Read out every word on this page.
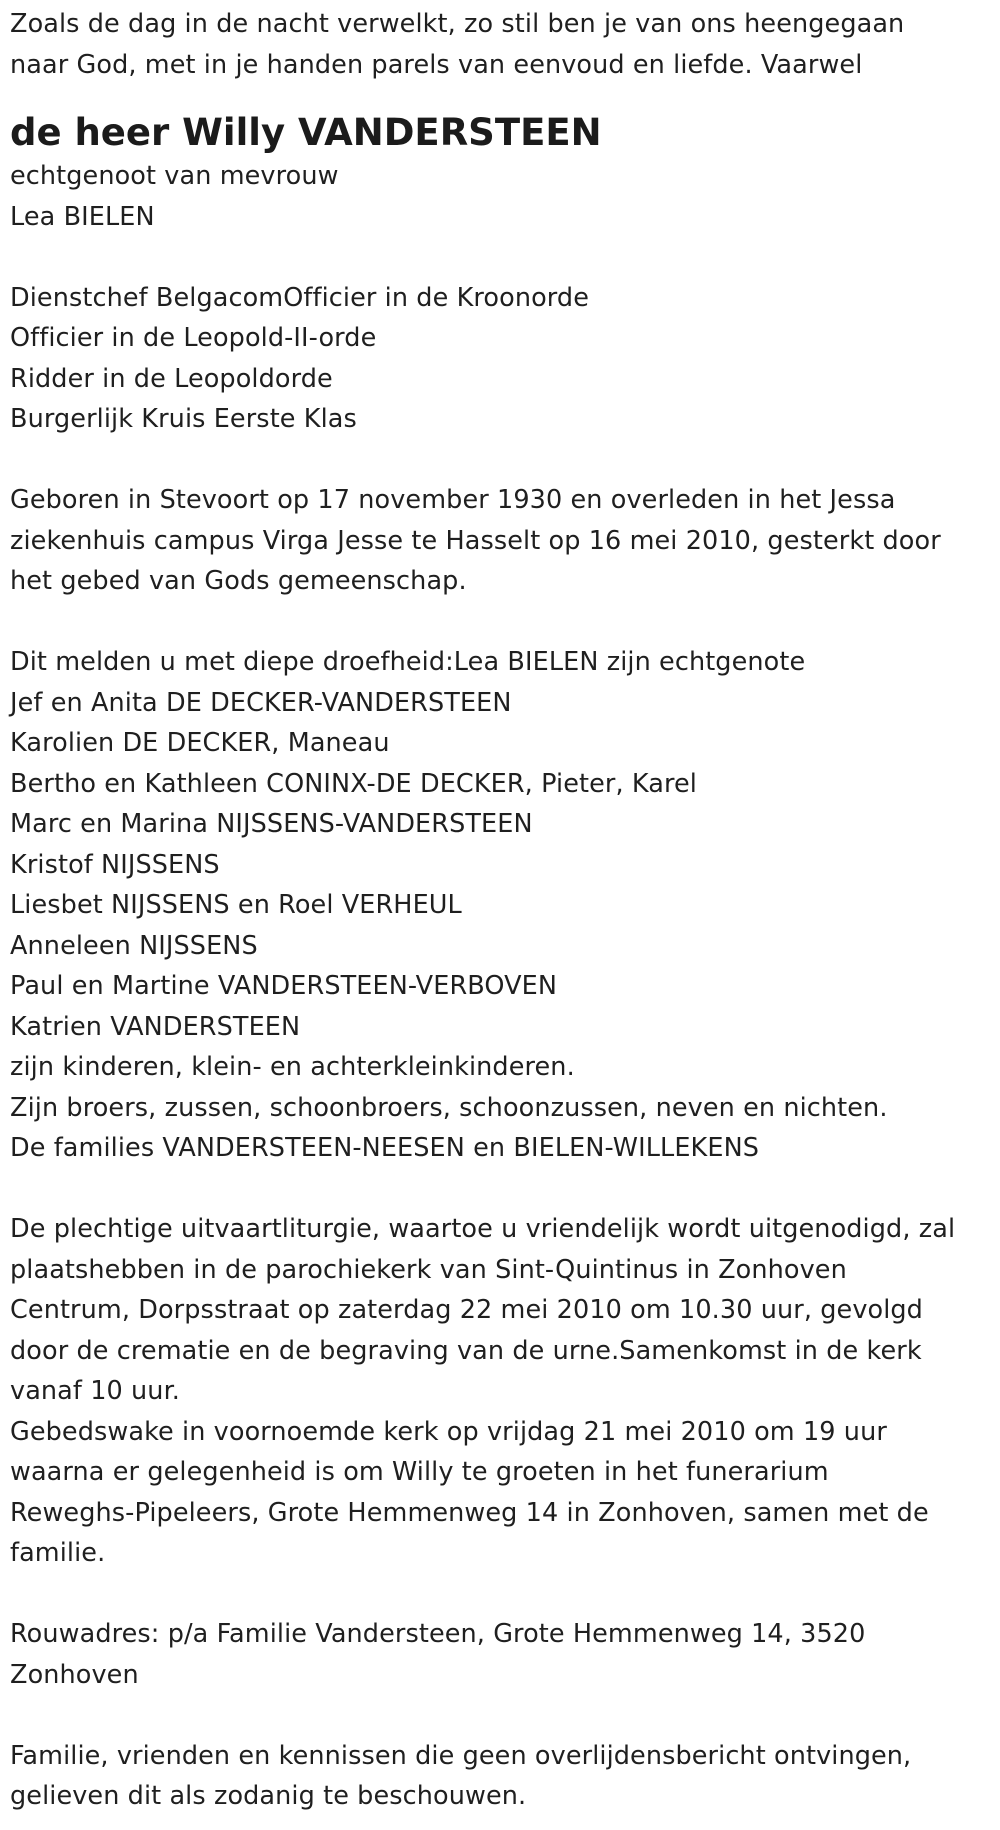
Zoals de dag in de nacht verwelkt, zo stil ben je van ons heengegaan

naar God, met in je handen parels van eenvoud en liefde. Vaarwel

de heer Willy VANDERSTEEN

echtgenoot van mevrouw

Lea BIELEN

Dienstchef BelgacomOfficier in de Kroonorde

Officier in de Leopold-II-orde

Ridder in de Leopoldorde

Burgerlijk Kruis Eerste Klas

Geboren in Stevoort op 17 november 1930 en overleden in het Jessa

ziekenhuis campus Virga Jesse te Hasselt op 16 mei 2010, gesterkt door

het gebed van Gods gemeenschap.

Dit melden u met diepe droefheid:Lea BIELEN zijn echtgenote

Jef en Anita DE DECKER-VANDERSTEEN

Karolien DE DECKER, Maneau

Bertho en Kathleen CONINX-DE DECKER, Pieter, Karel

Marc en Marina NIJSSENS-VANDERSTEEN

Kristof NIJSSENS

Liesbet NIJSSENS en Roel VERHEUL

Anneleen NIJSSENS

Paul en Martine VANDERSTEEN-VERBOVEN

Katrien VANDERSTEEN

zijn kinderen, klein- en achterkleinkinderen.

Zijn broers, zussen, schoonbroers, schoonzussen, neven en nichten.

De families VANDERSTEEN-NEESEN en BIELEN-WILLEKENS

De plechtige uitvaartliturgie, waartoe u vriendelijk wordt uitgenodigd, zal

plaatshebben in de parochiekerk van Sint-Quintinus in Zonhoven

Centrum, Dorpsstraat op zaterdag 22 mei 2010 om 10.30 uur, gevolgd

door de crematie en de begraving van de urne.Samenkomst in de kerk

vanaf 10 uur.

Gebedswake in voornoemde kerk op vrijdag 21 mei 2010 om 19 uur

waarna er gelegenheid is om Willy te groeten in het funerarium

Reweghs-Pipeleers, Grote Hemmenweg 14 in Zonhoven, samen met de

familie.

Rouwadres: p/a Familie Vandersteen, Grote Hemmenweg 14, 3520

Zonhoven

Familie, vrienden en kennissen die geen overlijdensbericht ontvingen,

gelieven dit als zodanig te beschouwen.
